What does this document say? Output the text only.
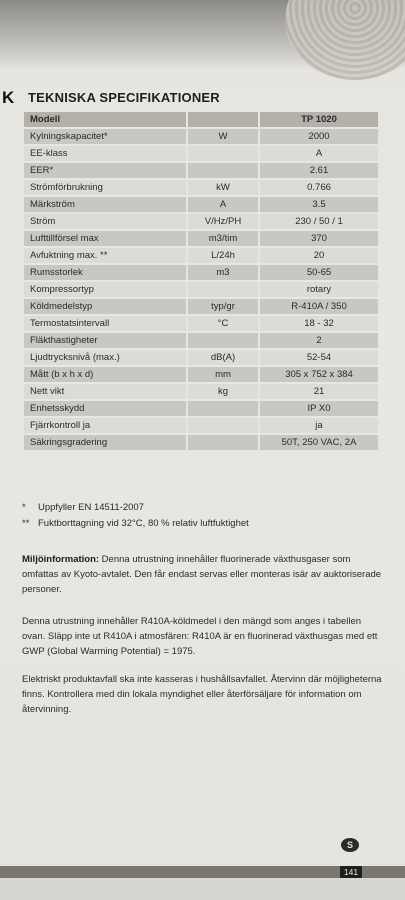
K TEKNISKA SPECIFIKATIONER
Modell		TP 1020
Kylningskapacitet*	W	2000
EE-klass		A
EER*		2.61
Strömförbrukning	kW	0.766
Märkström	A	3.5
Ström	V/Hz/PH	230 / 50 / 1
Lufttillförsel max	m3/tim	370
Avfuktning max. **	L/24h	20
Rumsstorlek	m3	50-65
Kompressortyp		rotary
Köldmedelstyp	typ/gr	R-410A / 350
Termostatsintervall	°C	18 - 32
Fläkthastigheter		2
Ljudtrycksnivå (max.)	dB(A)	52-54
Mått (b x h x d)	mm	305 x 752 x 384
Nett vikt	kg	21
Enhetsskydd		IP X0
Fjärrkontroll ja		ja
Säkringsgradering		50T, 250 VAC, 2A
*	Uppfyller EN 14511-2007
** Fuktborttagning vid 32°C, 80 % relativ luftfuktighet
Miljöinformation: Denna utrustning innehåller fluorinerade växthusgaser som omfattas av Kyoto-avtalet. Den får endast servas eller monteras isär av auktoriserade personer.
Denna utrustning innehåller R410A-köldmedel i den mängd som anges i tabellen ovan. Släpp inte ut R410A i atmosfären: R410A är en fluorinerad växthusgas med ett GWP (Global Warming Potential) = 1975.
Elektriskt produktavfall ska inte kasseras i hushållsavfallet. Återvinn där möjligheterna finns. Kontrollera med din lokala myndighet eller återförsäljare för information om återvinning.
S
141
